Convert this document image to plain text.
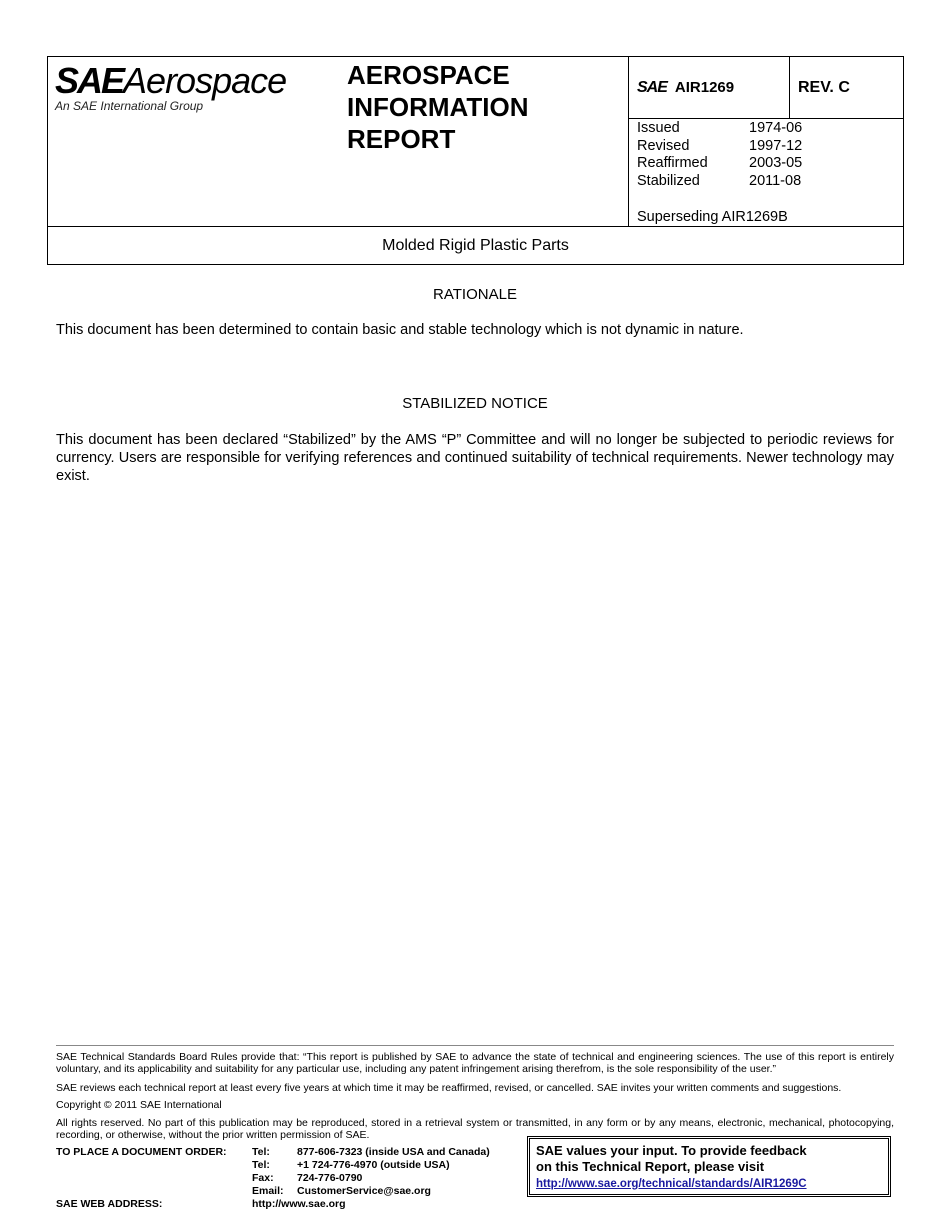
SAEAerospace
An SAE International Group
AEROSPACE
INFORMATION
REPORT
SAE AIR1269	REV. C
Issued	1974-06
Revised	1997-12
Reaffirmed	2003-05
Stabilized	2011-08
Superseding AIR1269B
Molded Rigid Plastic Parts
RATIONALE
This document has been determined to contain basic and stable technology which is not dynamic in nature.
STABILIZED NOTICE
This document has been declared “Stabilized” by the AMS “P” Committee and will no longer be subjected to periodic reviews for currency. Users are responsible for verifying references and continued suitability of technical requirements. Newer technology may exist.
SAE Technical Standards Board Rules provide that: “This report is published by SAE to advance the state of technical and engineering sciences. The use of this report is entirely voluntary, and its applicability and suitability for any particular use, including any patent infringement arising therefrom, is the sole responsibility of the user.”
SAE reviews each technical report at least every five years at which time it may be reaffirmed, revised, or cancelled. SAE invites your written comments and suggestions.
Copyright © 2011 SAE International
All rights reserved. No part of this publication may be reproduced, stored in a retrieval system or transmitted, in any form or by any means, electronic, mechanical, photocopying, recording, or otherwise, without the prior written permission of SAE.
TO PLACE A DOCUMENT ORDER: Tel:	877-606-7323 (inside USA and Canada)
Tel:	+1 724-776-4970 (outside USA)
Fax:	724-776-0790
Email:	CustomerService@sae.org
SAE WEB ADDRESS:	http://www.sae.org
SAE values your input. To provide feedback
on this Technical Report, please visit
http://www.sae.org/technical/standards/AIR1269C
